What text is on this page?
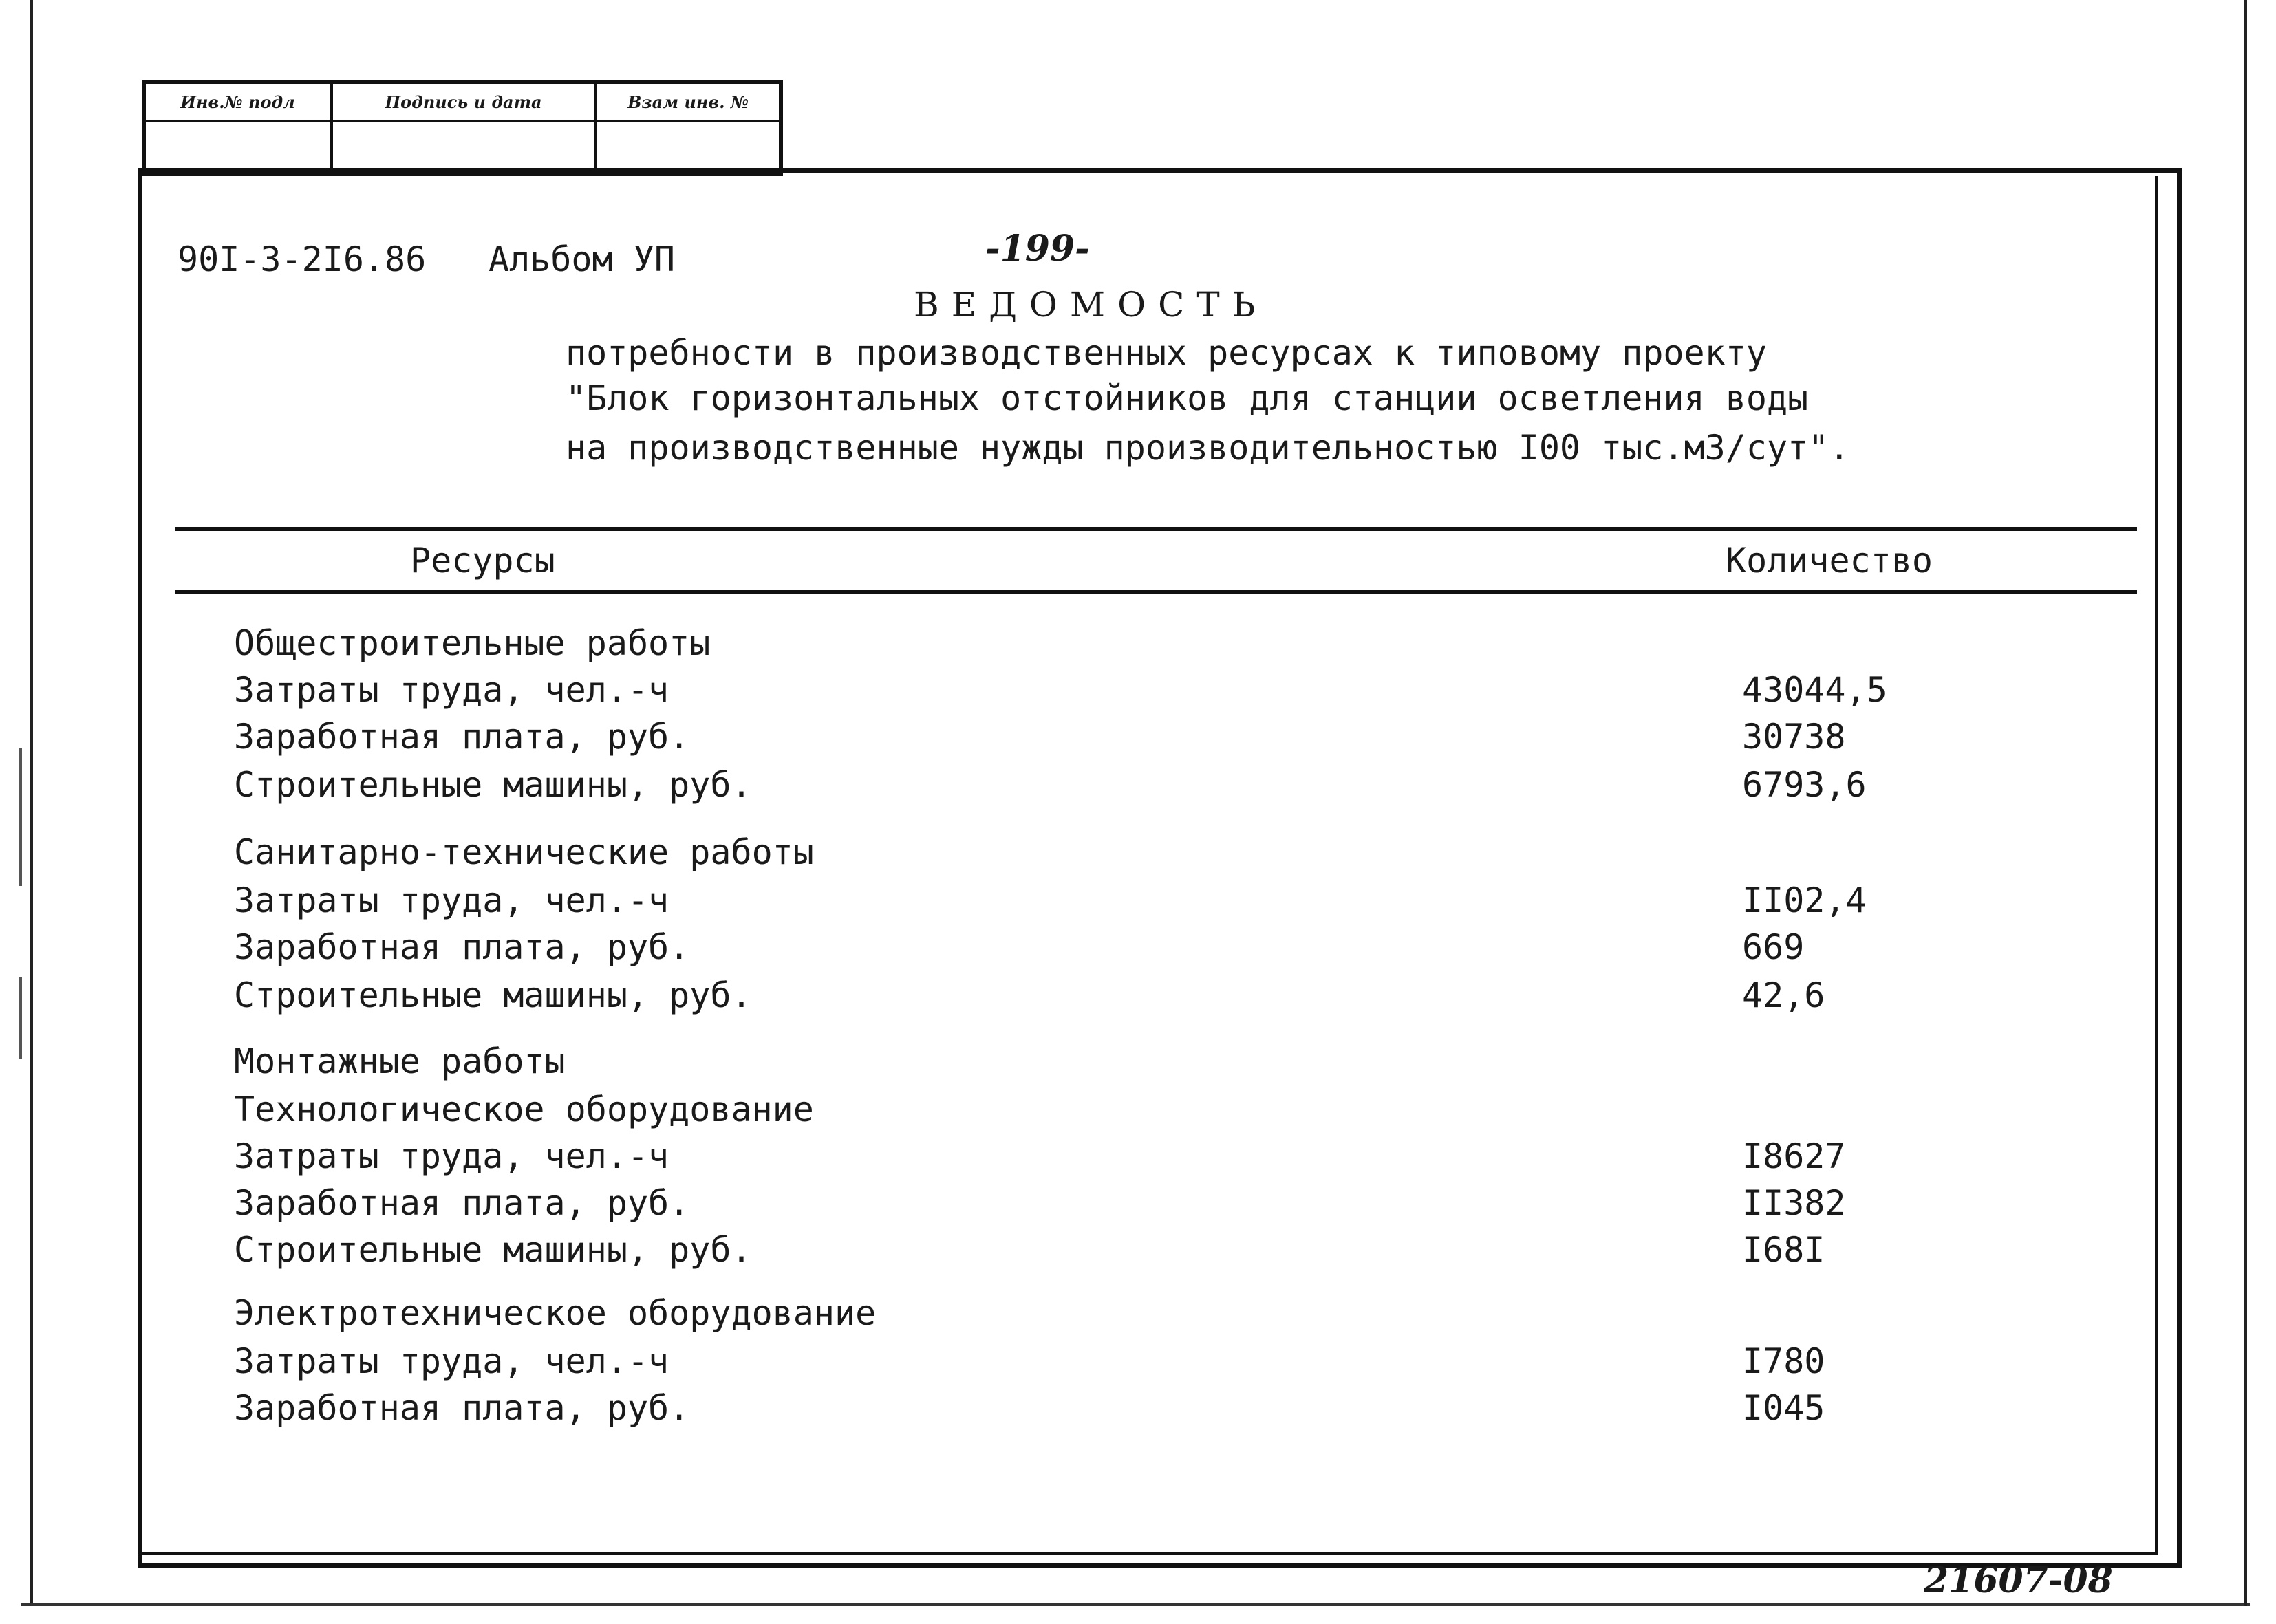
Инв.№ подл	Подпись и дата	Взам инв. №
90I-3-2I6.86 Альбом УП	-199-
ВЕДОМОСТЬ
потребности в производственных ресурсах к типовому проекту
"Блок горизонтальных отстойников для станции осветления воды
на производственные нужды производительностью I00 тыс.м3/сут".
Ресурсы	Количество
Общестроительные работы
Затраты труда, чел.-ч	43044,5
Заработная плата, руб.	30738
Строительные машины, руб.	6793,6
Санитарно-технические работы
Затраты труда, чел.-ч	II02,4
Заработная плата, руб.	669
Строительные машины, руб.	42,6
Монтажные работы
Технологическое оборудование
Затраты труда, чел.-ч	I8627
Заработная плата, руб.	II382
Строительные машины, руб.	I68I
Электротехническое оборудование
Затраты труда, чел.-ч	I780
Заработная плата, руб.	I045
21607-08
